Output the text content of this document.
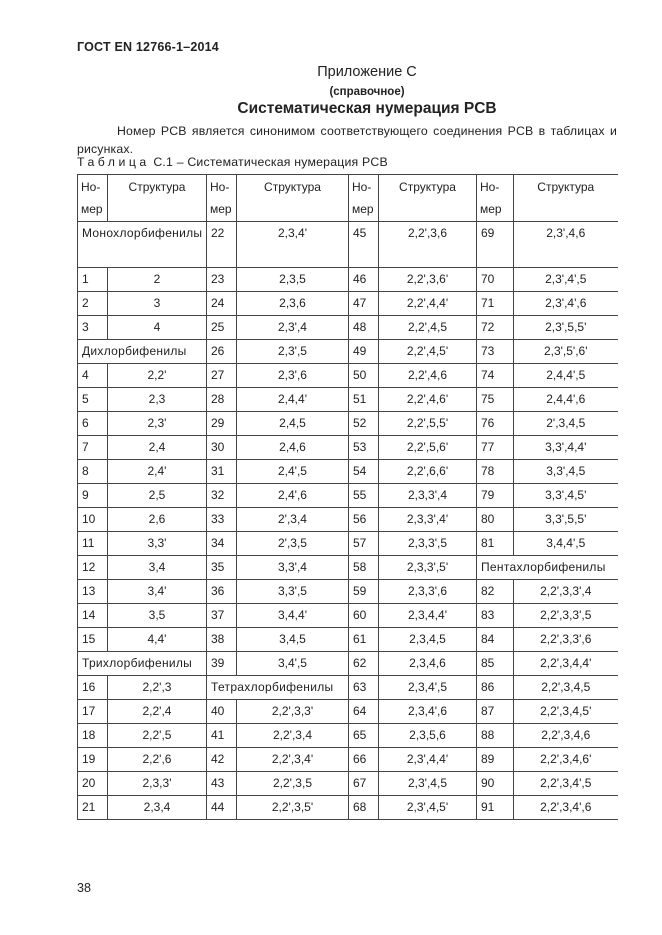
ГОСТ EN 12766-1–2014
Приложение С
(справочное)
Систематическая нумерация PCB
Номер PCB является синонимом соответствующего соединения PCB в таблицах и рисунках.
Таблица С.1 – Систематическая нумерация PCB
Но-мер	Структура	Но-мер	Структура	Но-мер	Структура	Но-мер	Структура
Монохлорбифенилы		22	2,3,4'	45	2,2',3,6	69	2,3',4,6
1	2	23	2,3,5	46	2,2',3,6'	70	2,3',4',5
2	3	24	2,3,6	47	2,2',4,4'	71	2,3',4',6
3	4	25	2,3',4	48	2,2',4,5	72	2,3',5,5'
Дихлорбифенилы		26	2,3',5	49	2,2',4,5'	73	2,3',5',6'
4	2,2'	27	2,3',6	50	2,2',4,6	74	2,4,4',5
5	2,3	28	2,4,4'	51	2,2',4,6'	75	2,4,4',6
6	2,3'	29	2,4,5	52	2,2',5,5'	76	2',3,4,5
7	2,4	30	2,4,6	53	2,2',5,6'	77	3,3',4,4'
8	2,4'	31	2,4',5	54	2,2',6,6'	78	3,3',4,5
9	2,5	32	2,4',6	55	2,3,3',4	79	3,3',4,5'
10	2,6	33	2',3,4	56	2,3,3',4'	80	3,3',5,5'
11	3,3'	34	2',3,5	57	2,3,3',5	81	3,4,4',5
12	3,4	35	3,3',4	58	2,3,3',5'	Пентахлорбифенилы	
13	3,4'	36	3,3',5	59	2,3,3',6	82	2,2',3,3',4
14	3,5	37	3,4,4'	60	2,3,4,4'	83	2,2',3,3',5
15	4,4'	38	3,4,5	61	2,3,4,5	84	2,2',3,3',6
Трихлорбифенилы		39	3,4',5	62	2,3,4,6	85	2,2',3,4,4'
16	2,2',3	Тетрахлорбифенилы		63	2,3,4',5	86	2,2',3,4,5
17	2,2',4	40	2,2',3,3'	64	2,3,4',6	87	2,2',3,4,5'
18	2,2',5	41	2,2',3,4	65	2,3,5,6	88	2,2',3,4,6
19	2,2',6	42	2,2',3,4'	66	2,3',4,4'	89	2,2',3,4,6'
20	2,3,3'	43	2,2',3,5	67	2,3',4,5	90	2,2',3,4',5
21	2,3,4	44	2,2',3,5'	68	2,3',4,5'	91	2,2',3,4',6
38
